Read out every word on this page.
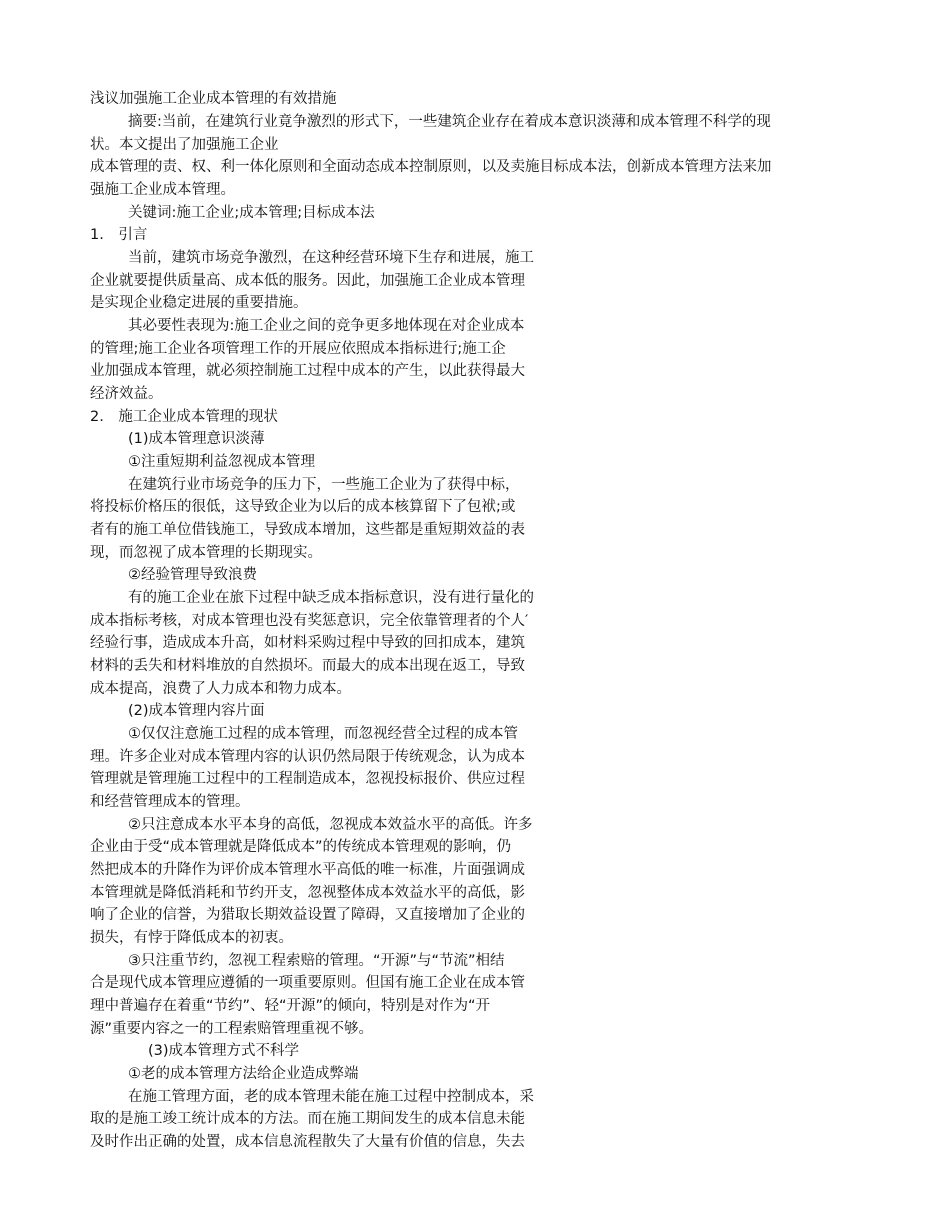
浅议加强施工企业成本管理的有效措施
摘要:当前，在建筑行业竟争激烈的形式下，一些建筑企业存在着成本意识淡薄和成本管理不科学的现
状。本文提出了加强施工企业
成本管理的责、权、利一体化原则和全面动态成本控制原则，以及卖施目标成本法，创新成本管理方法来加
强施工企业成本管理。
关键词:施工企业;成本管理;目标成本法
1.　引言
当前，建筑市场竞争激烈，在这种经营环境下生存和进展，施工
企业就要提供质量高、成本低的服务。因此，加强施工企业成本管理
是实现企业稳定进展的重要措施。
其必要性表现为:施工企业之间的竞争更多地体现在对企业成本
的管理;施工企业各项管理工作的开展应依照成本指标进行;施工企
业加强成本管理，就必须控制施工过程中成本的产生，以此获得最大
经济效益。
2.　施工企业成本管理的现状
(1)成本管理意识淡薄
①注重短期利益忽视成本管理
在建筑行业市场竞争的压力下，一些施工企业为了获得中标，
将投标价格压的很低，这导致企业为以后的成本核算留下了包袱;或
者有的施工单位借钱施工，导致成本增加，这些都是重短期效益的表
现，而忽视了成本管理的长期现实。
②经验管理导致浪费
有的施工企业在旅下过程中缺乏成本指标意识，没有进行量化的
成本指标考核，对成本管理也没有奖惩意识，完全依靠管理者的个人′
经验行事，造成成本升高，如材料采购过程中导致的回扣成本，建筑
材料的丢失和材料堆放的自然损坏。而最大的成本出现在返工，导致
成本提高，浪费了人力成本和物力成本。
(2)成本管理内容片面
①仅仅注意施工过程的成本管理，而忽视经营全过程的成本管
理。许多企业对成本管理内容的认识仍然局限于传统观念，认为成本
管理就是管理施工过程中的工程制造成本，忽视投标报价、供应过程
和经营管理成本的管理。
②只注意成本水平本身的高低，忽视成本效益水平的高低。许多
企业由于受“成本管理就是降低成本”的传统成本管理观的影响，仍
然把成本的升降作为评价成本管理水平高低的唯一标准，片面强调成
本管理就是降低消耗和节约开支，忽视整体成本效益水平的高低，影
响了企业的信誉，为猎取长期效益设置了障碍，又直接增加了企业的
损失，有悖于降低成本的初衷。
③只注重节约，忽视工程索赔的管理。“开源”与“节流”相结
合是现代成本管理应遵循的一项重要原则。但国有施工企业在成本管
理中普遍存在着重“节约”、轻“开源”的倾向，特别是对作为“开
源”重要内容之一的工程索赔管理重视不够。
(3)成本管理方式不科学
①老的成本管理方法给企业造成弊端
在施工管理方面，老的成本管理未能在施工过程中控制成本，采
取的是施工竣工统计成本的方法。而在施工期间发生的成本信息未能
及时作出正确的处置，成本信息流程散失了大量有价值的信息，失去
